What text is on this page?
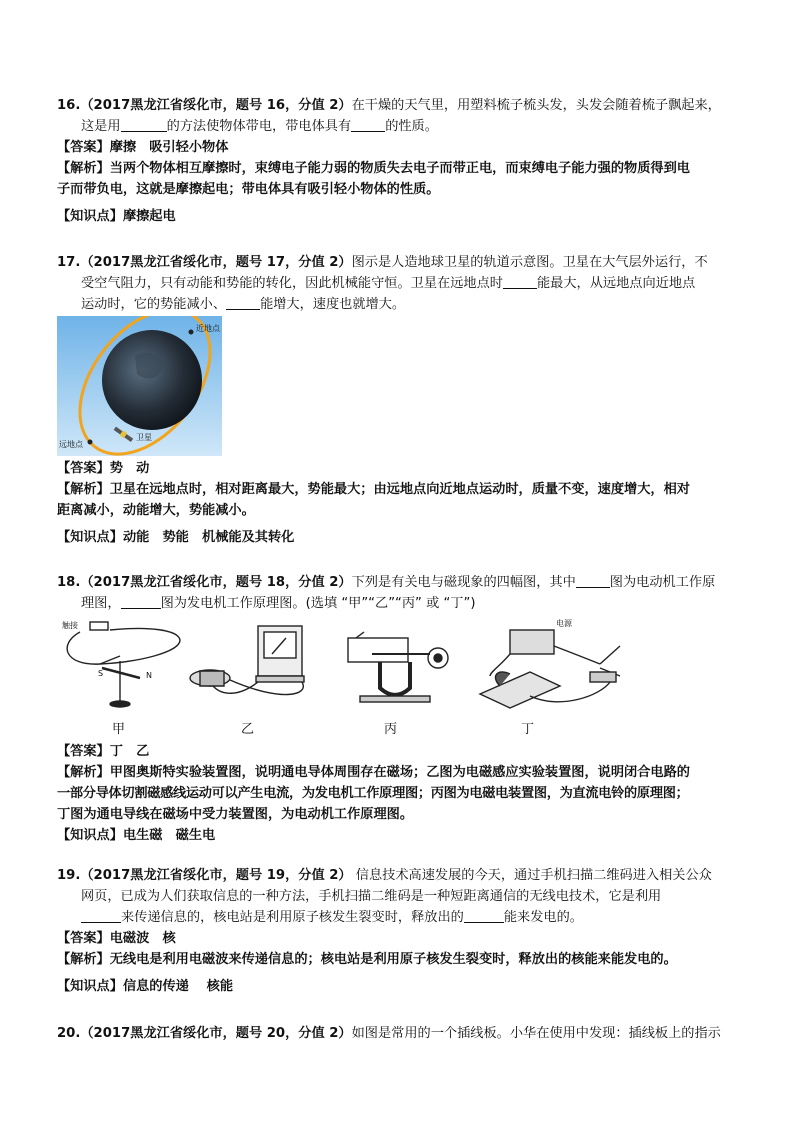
16.（2017黑龙江省绥化市，题号 16，分值 2）在干燥的天气里，用塑料梳子梳头发，头发会随着梳子飘起来，
这是用	的方法使物体带电，带电体具有	的性质。
【答案】摩擦　吸引轻小物体
【解析】当两个物体相互摩擦时，束缚电子能力弱的物质失去电子而带正电，而束缚电子能力强的物质得到电
子而带负电，这就是摩擦起电；带电体具有吸引轻小物体的性质。
【知识点】摩擦起电
17.（2017黑龙江省绥化市，题号 17，分值 2）图示是人造地球卫星的轨道示意图。卫星在大气层外运行，不
受空气阻力，只有动能和势能的转化，因此机械能守恒。卫星在远地点时	能最大，从远地点向近地点
运动时，它的势能减小、	能增大，速度也就增大。
近地点
远地点
卫星
【答案】势　动
【解析】卫星在远地点时，相对距离最大，势能最大；由远地点向近地点运动时，质量不变，速度增大，相对
距离减小，动能增大，势能减小。
【知识点】动能　势能　机械能及其转化
18.（2017黑龙江省绥化市，题号 18，分值 2）下列是有关电与磁现象的四幅图，其中	图为电动机工作原
理图，	图为发电机工作原理图。(选填 “甲”“乙”“丙” 或 “丁”)
触接
N
S
甲	乙	丙
电源
丁
【答案】丁　乙
【解析】甲图奥斯特实验装置图，说明通电导体周围存在磁场；乙图为电磁感应实验装置图，说明闭合电路的
一部分导体切割磁感线运动可以产生电流，为发电机工作原理图；丙图为电磁电装置图，为直流电铃的原理图；
丁图为通电导线在磁场中受力装置图，为电动机工作原理图。
【知识点】电生磁　磁生电
19.（2017黑龙江省绥化市，题号 19，分值 2） 信息技术高速发展的今天，通过手机扫描二维码进入相关公众
网页，已成为人们获取信息的一种方法，手机扫描二维码是一种短距离通信的无线电技术，它是利用
来传递信息的，核电站是利用原子核发生裂变时，释放出的	能来发电的。
【答案】电磁波　核
【解析】无线电是利用电磁波来传递信息的；核电站是利用原子核发生裂变时，释放出的核能来能发电的。
【知识点】信息的传递　 核能
20.（2017黑龙江省绥化市，题号 20，分值 2）如图是常用的一个插线板。小华在使用中发现：插线板上的指示
